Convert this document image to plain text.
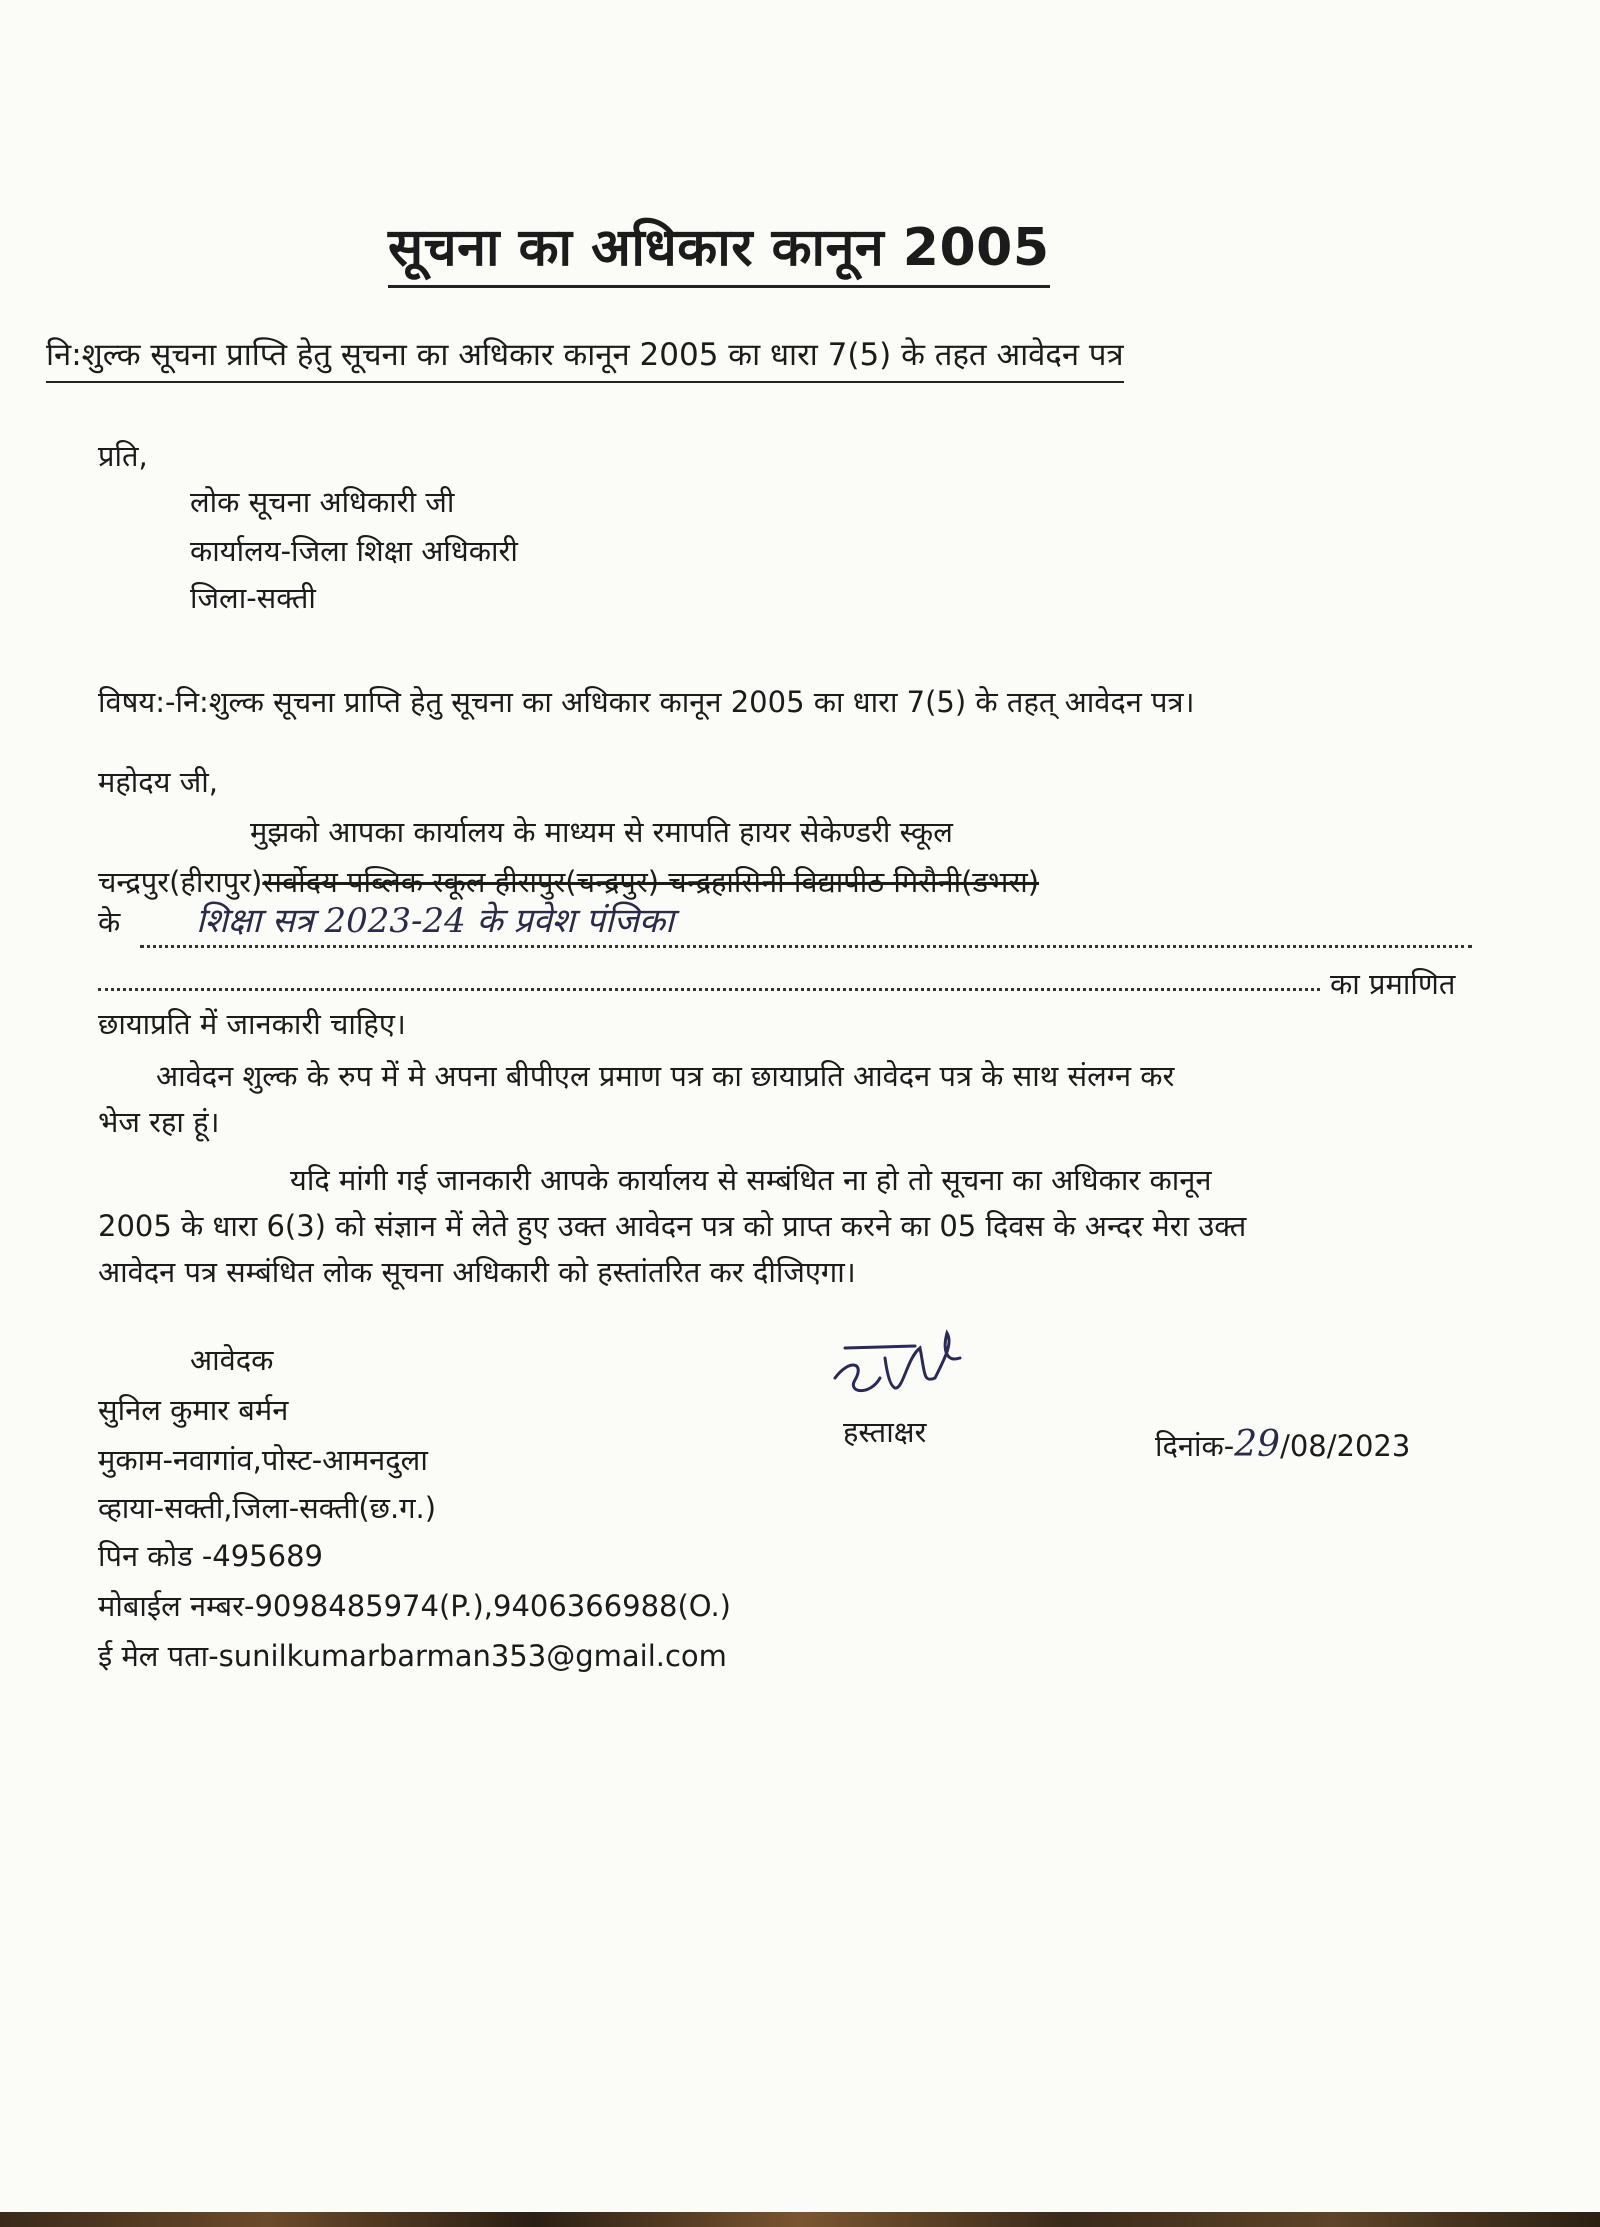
सूचना का अधिकार कानून 2005
नि:शुल्क सूचना प्राप्ति हेतु सूचना का अधिकार कानून 2005 का धारा 7(5) के तहत आवेदन पत्र
प्रति,
लोक सूचना अधिकारी जी
कार्यालय-जिला शिक्षा अधिकारी
जिला-सक्ती
विषय:-नि:शुल्क सूचना प्राप्ति हेतु सूचना का अधिकार कानून 2005 का धारा 7(5) के तहत् आवेदन पत्र।
महोदय जी,
मुझको आपका कार्यालय के माध्यम से रमापति हायर सेकेण्डरी स्कूल
चन्द्रपुर(हीरापुर)सर्वोदय पब्लिक स्कूल हीरापुर(चन्द्रपुर) चन्द्रहासिनी विद्यापीठ मिरौनी(डभरा)
के शिक्षा सत्र 2023-24 के प्रवेश पंजिका
का प्रमाणित
छायाप्रति में जानकारी चाहिए।
आवेदन शुल्क के रुप में मे अपना बीपीएल प्रमाण पत्र का छायाप्रति आवेदन पत्र के साथ संलग्न कर
भेज रहा हूं।
यदि मांगी गई जानकारी आपके कार्यालय से सम्बंधित ना हो तो सूचना का अधिकार कानून
2005 के धारा 6(3) को संज्ञान में लेते हुए उक्त आवेदन पत्र को प्राप्त करने का 05 दिवस के अन्दर मेरा उक्त
आवेदन पत्र सम्बंधित लोक सूचना अधिकारी को हस्तांतरित कर दीजिएगा।
आवेदक
सुनिल कुमार बर्मन
मुकाम-नवागांव,पोस्ट-आमनदुला
व्हाया-सक्ती,जिला-सक्ती(छ.ग.)
पिन कोड -495689
मोबाईल नम्बर-9098485974(P.),9406366988(O.)
ई मेल पता-sunilkumarbarman353@gmail.com
हस्ताक्षर	दिनांक-29/08/2023
